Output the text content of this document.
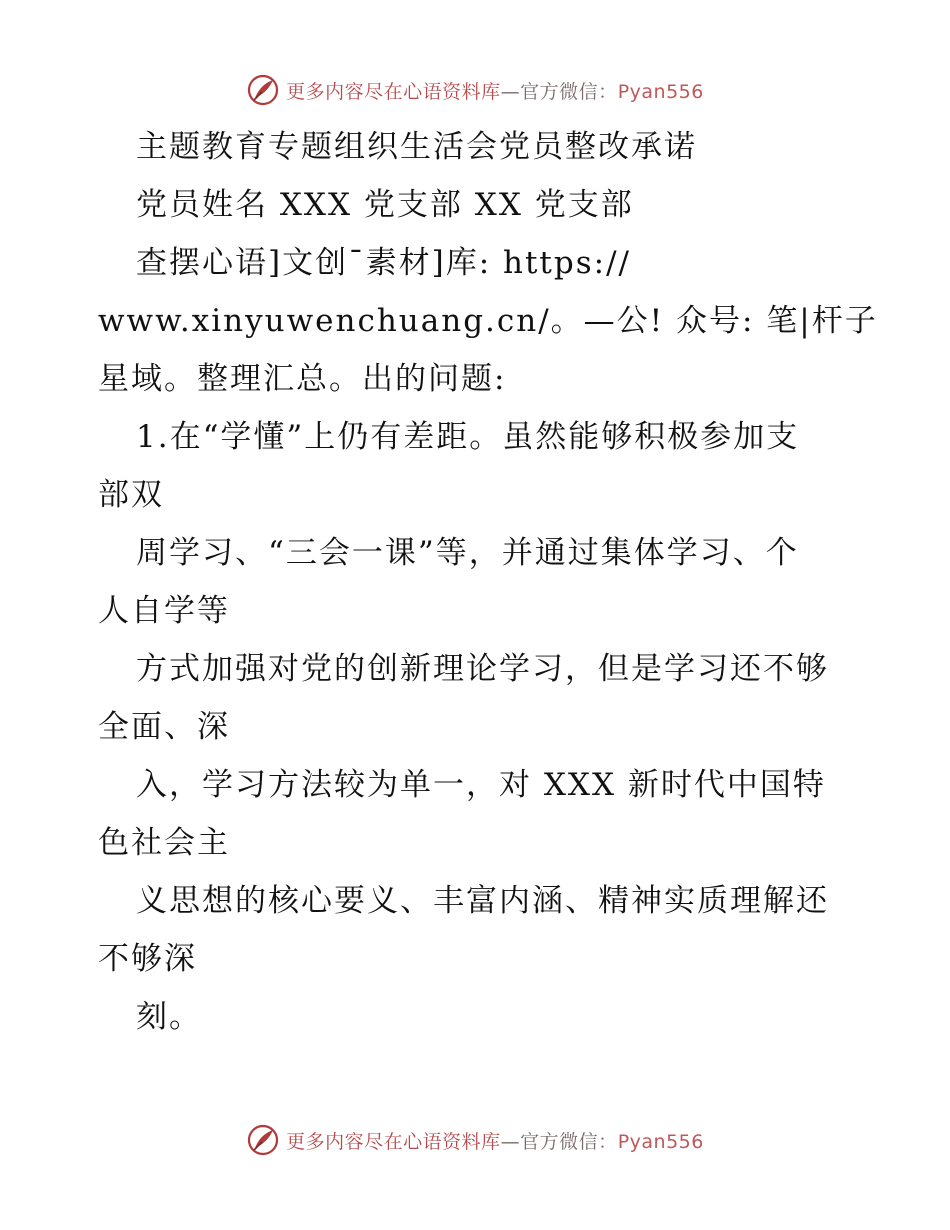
更多内容尽在心语资料库—官方微信：Pyan556
主题教育专题组织生活会党员整改承诺
党员姓名 XXX 党支部 XX 党支部
查摆心语]文创¯素材]库: https://
www.xinyuwenchuang.cn/。—公! 众号: 笔|杆子
星域。整理汇总。出的问题:
1.在“学懂”上仍有差距。虽然能够积极参加支
部双
周学习、“三会一课”等，并通过集体学习、个
人自学等
方式加强对党的创新理论学习，但是学习还不够
全面、深
入，学习方法较为单一，对 XXX 新时代中国特
色社会主
义思想的核心要义、丰富内涵、精神实质理解还
不够深
刻。
更多内容尽在心语资料库—官方微信：Pyan556
